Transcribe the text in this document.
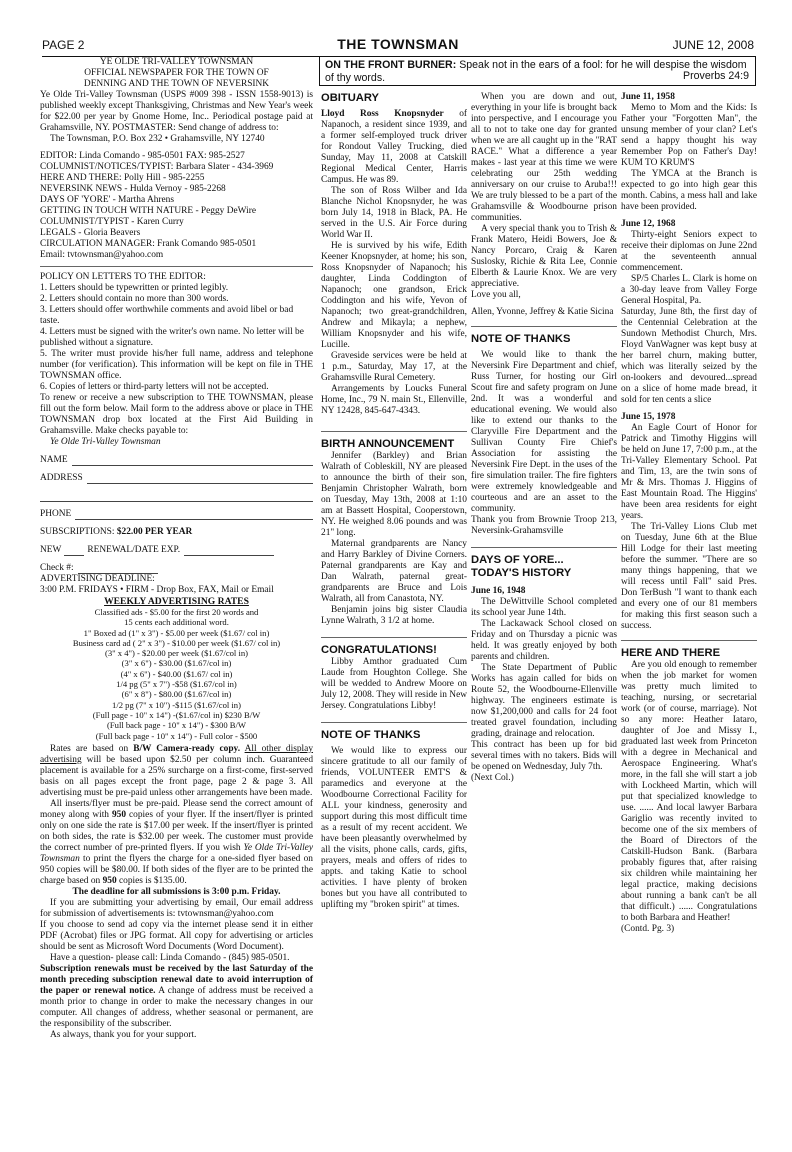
PAGE 2	THE TOWNSMAN	JUNE 12, 2008

YE OLDE TRI-VALLEY TOWNSMAN

OFFICIAL NEWSPAPER FOR THE TOWN OF

DENNING AND THE TOWN OF NEVERSINK

Ye Olde Tri-Valley Townsman (USPS #009 398 - ISSN 1558-9013) is published weekly except Thanksgiving, Christmas and New Year's week for $22.00 per year by Gnome Home, Inc.. Periodical postage paid at Grahamsville, NY. POSTMASTER: Send change of address to:

The Townsman, P.O. Box 232 • Grahamsville, NY 12740

EDITOR: Linda Comando - 985-0501 FAX: 985-2527

COLUMNIST/NOTICES/TYPIST: Barbara Slater - 434-3969

HERE AND THERE: Polly Hill - 985-2255

NEVERSINK NEWS - Hulda Vernoy - 985-2268

DAYS OF 'YORE' - Martha Ahrens

GETTING IN TOUCH WITH NATURE - Peggy DeWire

COLUMNIST/TYPIST - Karen Curry

LEGALS - Gloria Beavers

CIRCULATION MANAGER: Frank Comando 985-0501

Email: tvtownsman@yahoo.com

POLICY ON LETTERS TO THE EDITOR:

1. Letters should be typewritten or printed legibly.

2. Letters should contain no more than 300 words.

3. Letters should offer worthwhile comments and avoid libel or bad taste.

4. Letters must be signed with the writer's own name. No letter will be published without a signature.

5. The writer must provide his/her full name, address and telephone number (for verification). This information will be kept on file in THE TOWNSMAN office.

6. Copies of letters or third-party letters will not be accepted.

To renew or receive a new subscription to THE TOWNSMAN, please fill out the form below. Mail form to the address above or place in THE TOWNSMAN drop box located at the First Aid Building in Grahamsville. Make checks payable to:

Ye Olde Tri-Valley Townsman

NAME
ADDRESS
PHONE
SUBSCRIPTIONS:
$22.00 PER YEAR
NEW	RENEWAL/DATE EXP.
Check #:

ADVERTISING DEADLINE:

3:00 P.M. FRIDAYS • FIRM - Drop Box, FAX, Mail or Email

WEEKLY ADVERTISING RATES

Classified ads - $5.00 for the first 20 words and

15 cents each additional word.

1" Boxed ad (1" x 3") - $5.00 per week ($1.67/ col in)

Business card ad ( 2" x 3") - $10.00 per week ($1.67/ col in)

(3" x 4") - $20.00 per week ($1.67/col in)

(3" x 6") - $30.00 ($1.67/col in)

(4" x 6") - $40.00 ($1.67/ col in)

1/4 pg (5" x 7") -$58 ($1.67/col in)

(6" x 8") - $80.00 ($1.67/col in)

1/2 pg (7" x 10") -$115 ($1.67/col in)

(Full page - 10" x 14") -($1.67/col in) $230 B/W

(Full back page - 10" x 14") - $300 B/W

(Full back page - 10" x 14") - Full color - $500

Rates are based on B/W Camera-ready copy. All other display advertising will be based upon $2.50 per column inch. Guaranteed placement is available for a 25% surcharge on a first-come, first-served basis on all pages except the front page, page 2 & page 3. All advertising must be pre-paid unless other arrangements have been made.

All inserts/flyer must be pre-paid. Please send the correct amount of money along with 950 copies of your flyer. If the insert/flyer is printed only on one side the rate is $17.00 per week. If the insert/flyer is printed on both sides, the rate is $32.00 per week. The customer must provide the correct number of pre-printed flyers. If you wish Ye Olde Tri-Valley Townsman to print the flyers the charge for a one-sided flyer based on 950 copies will be $80.00. If both sides of the flyer are to be printed the charge based on 950 copies is $135.00.

The deadline for all submissions is 3:00 p.m. Friday.

If you are submitting your advertising by email, Our email address for submission of advertisements is: tvtownsman@yahoo.com

If you choose to send ad copy via the internet please send it in either PDF (Acrobat) files or JPG format. All copy for advertising or articles should be sent as Microsoft Word Documents (Word Document).

Have a question- please call: Linda Comando - (845) 985-0501.

Subscription renewals must be received by the last Saturday of the month preceding subsciption renewal date to avoid interruption of the paper or renewal notice. A change of address must be received a month prior to change in order to make the necessary changes in our computer. All changes of address, whether seasonal or permanent, are the responsibility of the subscriber.

As always, thank you for your support.

ON THE FRONT BURNER: Speak not in the ears of a fool: for he will despise the wisdom of thy words.	Proverbs 24:9
OBITUARY

Lloyd Ross Knopsnyder of Napanoch, a resident since 1939, and a former self-employed truck driver for Rondout Valley Trucking, died Sunday, May 11, 2008 at Catskill Regional Medical Center, Harris Campus. He was 89.

The son of Ross Wilber and Ida Blanche Nichol Knopsnyder, he was born July 14, 1918 in Black, PA. He served in the U.S. Air Force during World War II.

He is survived by his wife, Edith Keener Knopsnyder, at home; his son, Ross Knopsnyder of Napanoch; his daughter, Linda Coddington of Napanoch; one grandson, Erick Coddington and his wife, Yevon of Napanoch; two great-grandchildren, Andrew and Mikayla; a nephew, William Knopsnyder and his wife, Lucille.

Graveside services were be held at 1 p.m., Saturday, May 17, at the Grahamsville Rural Cemetery.

Arrangements by Loucks Funeral Home, Inc., 79 N. main St., Ellenville, NY 12428, 845-647-4343.

BIRTH ANNOUNCEMENT

Jennifer (Barkley) and Brian Walrath of Cobleskill, NY are pleased to announce the birth of their son, Benjamin Christopher Walrath, born on Tuesday, May 13th, 2008 at 1:10 am at Bassett Hospital, Cooperstown, NY. He weighed 8.06 pounds and was 21" long.

Maternal grandparents are Nancy and Harry Barkley of Divine Corners. Paternal grandparents are Kay and Dan Walrath, paternal great-grandparents are Bruce and Lois Walrath, all from Canastota, NY.

Benjamin joins big sister Claudia Lynne Walrath, 3 1/2 at home.

CONGRATULATIONS!

Libby Amthor graduated Cum Laude from Houghton College. She will be wedded to Andrew Moore on July 12, 2008. They will reside in New Jersey. Congratulations Libby!

NOTE OF THANKS

We would like to express our sincere gratitude to all our family of friends, VOLUNTEER EMT'S & paramedics and everyone at the Woodbourne Correctional Facility for ALL your kindness, generosity and support during this most difficult time as a result of my recent accident. We have been pleasantly overwhelmed by all the visits, phone calls, cards, gifts, prayers, meals and offers of rides to appts. and taking Katie to school activities. I have plenty of broken bones but you have all contributed to uplifting my "broken spirit" at times.

When you are down and out, everything in your life is brought back into perspective, and I encourage you all to not to take one day for granted when we are all caught up in the "RAT RACE." What a difference a year makes - last year at this time we were celebrating our 25th wedding anniversary on our cruise to Aruba!!! We are truly blessed to be a part of the Grahamsville & Woodbourne prison communities.

A very special thank you to Trish & Frank Matero, Heidi Bowers, Joe & Nancy Porcaro, Craig & Karen Suslosky, Richie & Rita Lee, Connie Elberth & Laurie Knox. We are very appreciative.

Love you all,

Allen, Yvonne, Jeffrey & Katie Sicina

NOTE OF THANKS

We would like to thank the Neversink Fire Department and chief, Russ Turner, for hosting our Girl Scout fire and safety program on June 2nd. It was a wonderful and educational evening. We would also like to extend our thanks to the Claryville Fire Department and the Sullivan County Fire Chief's Association for assisting the Neversink Fire Dept. in the uses of the fire simulation trailer. The fire fighters were extremely knowledgeable and courteous and are an asset to the community.

Thank you from Brownie Troop 213, Neversink-Grahamsville

DAYS OF YORE...
TODAY'S HISTORY

June 16, 1948

The DeWittville School completed its school year June 14th.

The Lackawack School closed on Friday and on Thursday a picnic was held. It was greatly enjoyed by both parents and children.

The State Department of Public Works has again called for bids on Route 52, the Woodbourne-Ellenville highway. The engineers estimate is now $1,200,000 and calls for 24 foot treated gravel foundation, including grading, drainage and relocation.

This contract has been up for bid several times with no takers. Bids will be opened on Wednesday, July 7th.

(Next Col.)

June 11, 1958

Memo to Mom and the Kids: Is Father your "Forgotten Man", the unsung member of your clan? Let's send a happy thought his way Remember Pop on Father's Day! KUM TO KRUM'S

The YMCA at the Branch is expected to go into high gear this month. Cabins, a mess hall and lake have been provided.

June 12, 1968

Thirty-eight Seniors expect to receive their diplomas on June 22nd at the seventeenth annual commencement.

SP/5 Charles L. Clark is home on a 30-day leave from Valley Forge General Hospital, Pa.

Saturday, June 8th, the first day of the Centennial Celebration at the Sundown Methodist Church, Mrs. Floyd VanWagner was kept busy at her barrel churn, making butter, which was literally seized by the on-lookers and devoured...spread on a slice of home made bread, it sold for ten cents a slice

June 15, 1978

An Eagle Court of Honor for Patrick and Timothy Higgins will be held on June 17, 7:00 p.m., at the Tri-Valley Elementary School. Pat and Tim, 13, are the twin sons of Mr & Mrs. Thomas J. Higgins of East Mountain Road. The Higgins' have been area residents for eight years.

The Tri-Valley Lions Club met on Tuesday, June 6th at the Blue Hill Lodge for their last meeting before the summer. "There are so many things happening, that we will recess until Fall" said Pres. Don TerBush "I want to thank each and every one of our 81 members for making this first season such a success.

HERE AND THERE

Are you old enough to remember when the job market for women was pretty much limited to teaching, nursing, or secretarial work (or of course, marriage). Not so any more: Heather Iataro, daughter of Joe and Missy I., graduated last week from Princeton with a degree in Mechanical and Aerospace Engineering. What's more, in the fall she will start a job with Lockheed Martin, which will put that specialized knowledge to use. ...... And local lawyer Barbara Gariglio was recently invited to become one of the six members of the Board of Directors of the Catskill-Hudson Bank. (Barbara probably figures that, after raising six children while maintaining her legal practice, making decisions about running a bank can't be all that difficult.) ...... Congratulations to both Barbara and Heather!

(Contd. Pg. 3)
